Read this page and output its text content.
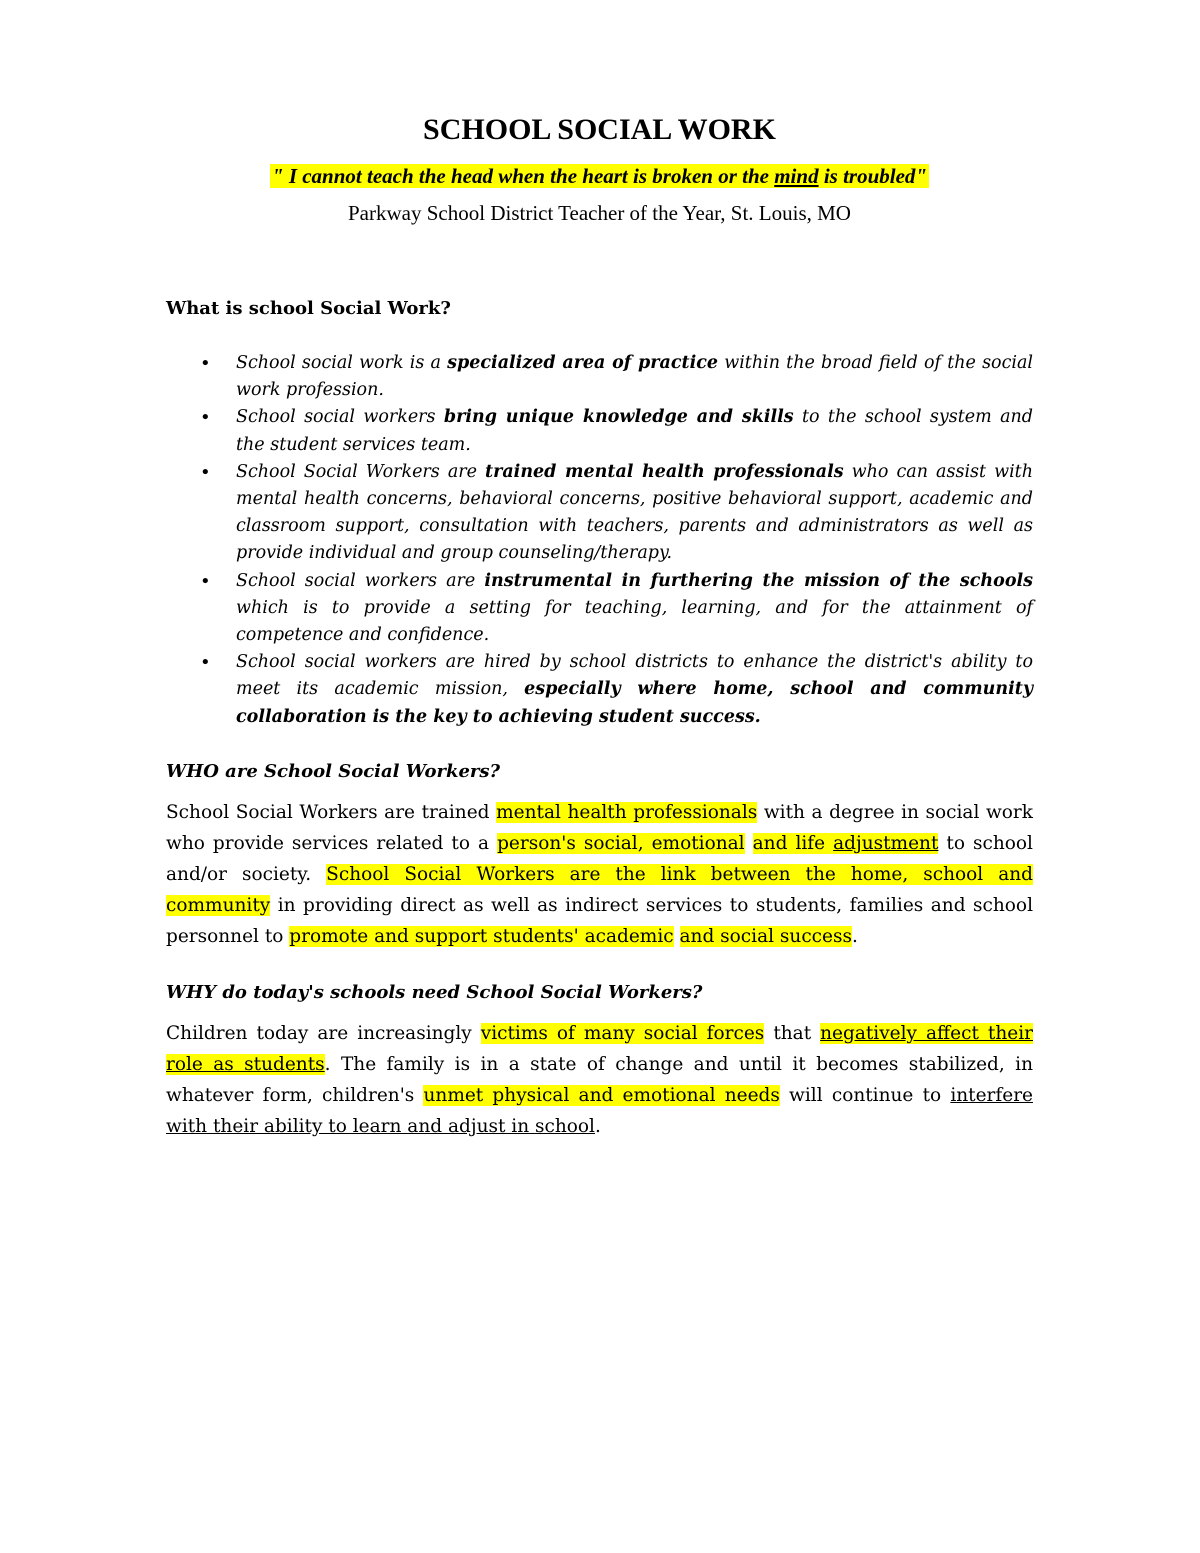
SCHOOL SOCIAL WORK
" I cannot teach the head when the heart is broken or the mind is troubled"
Parkway School District Teacher of the Year, St. Louis, MO
What is school Social Work?
• School social work is a specialized area of practice within the broad field of the social work profession.
• School social workers bring unique knowledge and skills to the school system and the student services team.
• School Social Workers are trained mental health professionals who can assist with mental health concerns, behavioral concerns, positive behavioral support, academic and classroom support, consultation with teachers, parents and administrators as well as provide individual and group counseling/therapy.
• School social workers are instrumental in furthering the mission of the schools which is to provide a setting for teaching, learning, and for the attainment of competence and confidence.
• School social workers are hired by school districts to enhance the district's ability to meet its academic mission, especially where home, school and community collaboration is the key to achieving student success.
WHO are School Social Workers?

School Social Workers are trained mental health professionals with a degree in social work who provide services related to a person's social, emotional and life adjustment to school and/or society. School Social Workers are the link between the home, school and community in providing direct as well as indirect services to students, families and school personnel to promote and support students' academic and social success.

WHY do today's schools need School Social Workers?

Children today are increasingly victims of many social forces that negatively affect their role as students. The family is in a state of change and until it becomes stabilized, in whatever form, children's unmet physical and emotional needs will continue to interfere with their ability to learn and adjust in school.
